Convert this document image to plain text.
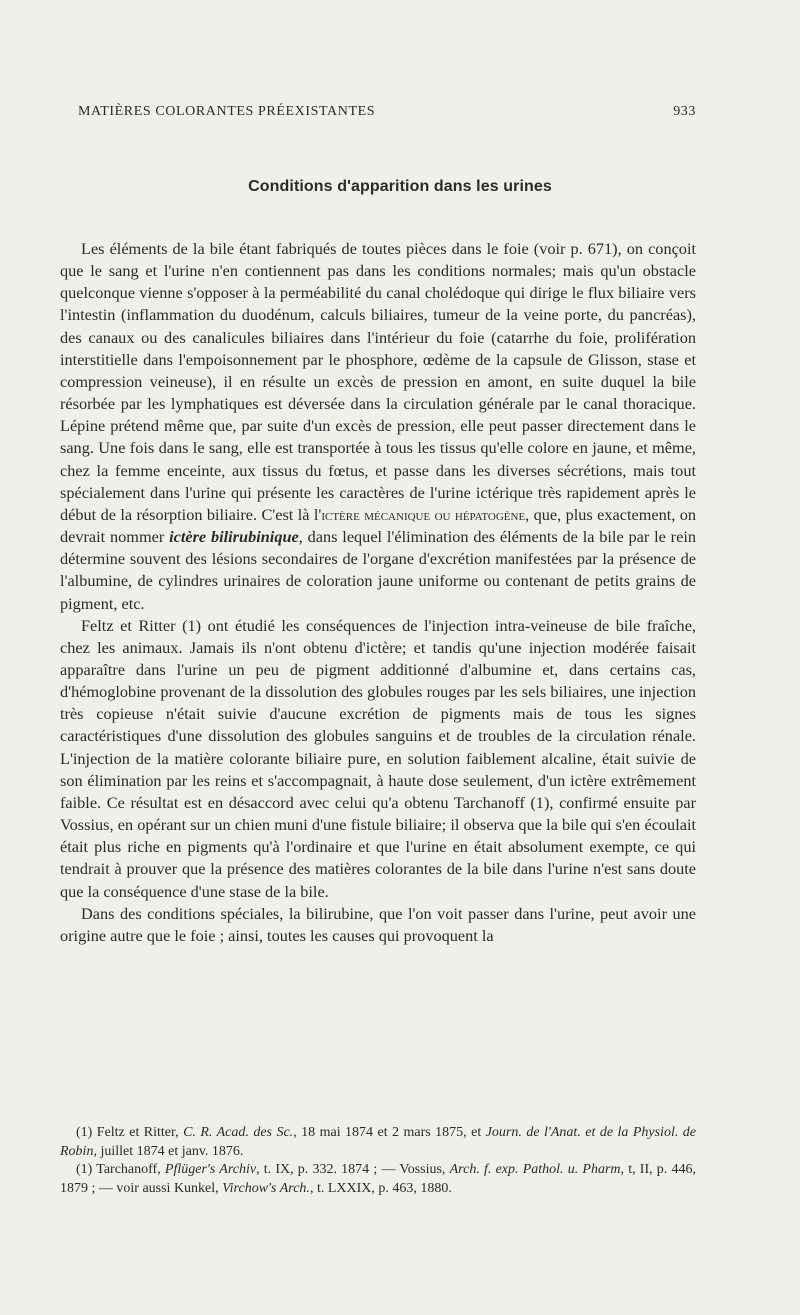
MATIÈRES COLORANTES PRÉEXISTANTES	933
Conditions d'apparition dans les urines

Les éléments de la bile étant fabriqués de toutes pièces dans le foie (voir p. 671), on conçoit que le sang et l'urine n'en contiennent pas dans les conditions normales; mais qu'un obstacle quelconque vienne s'opposer à la perméabilité du canal cholédoque qui dirige le flux biliaire vers l'intestin (inflammation du duodénum, calculs biliaires, tumeur de la veine porte, du pancréas), des canaux ou des canalicules biliaires dans l'intérieur du foie (catarrhe du foie, prolifération interstitielle dans l'empoisonnement par le phosphore, œdème de la capsule de Glisson, stase et compression veineuse), il en résulte un excès de pression en amont, en suite duquel la bile résorbée par les lymphatiques est déversée dans la circulation générale par le canal thoracique. Lépine prétend même que, par suite d'un excès de pression, elle peut passer directement dans le sang. Une fois dans le sang, elle est transportée à tous les tissus qu'elle colore en jaune, et même, chez la femme enceinte, aux tissus du fœtus, et passe dans les diverses sécrétions, mais tout spécialement dans l'urine qui présente les caractères de l'urine ictérique très rapidement après le début de la résorption biliaire. C'est là l'ictère mécanique ou hépatogène, que, plus exactement, on devrait nommer ictère bilirubinique, dans lequel l'élimination des éléments de la bile par le rein détermine souvent des lésions secondaires de l'organe d'excrétion manifestées par la présence de l'albumine, de cylindres urinaires de coloration jaune uniforme ou contenant de petits grains de pigment, etc.

Feltz et Ritter (1) ont étudié les conséquences de l'injection intra-veineuse de bile fraîche, chez les animaux. Jamais ils n'ont obtenu d'ictère; et tandis qu'une injection modérée faisait apparaître dans l'urine un peu de pigment additionné d'albumine et, dans certains cas, d'hémoglobine provenant de la dissolution des globules rouges par les sels biliaires, une injection très copieuse n'était suivie d'aucune excrétion de pigments mais de tous les signes caractéristiques d'une dissolution des globules sanguins et de troubles de la circulation rénale. L'injection de la matière colorante biliaire pure, en solution faiblement alcaline, était suivie de son élimination par les reins et s'accompagnait, à haute dose seulement, d'un ictère extrêmement faible. Ce résultat est en désaccord avec celui qu'a obtenu Tarchanoff (1), confirmé ensuite par Vossius, en opérant sur un chien muni d'une fistule biliaire; il observa que la bile qui s'en écoulait était plus riche en pigments qu'à l'ordinaire et que l'urine en était absolument exempte, ce qui tendrait à prouver que la présence des matières colorantes de la bile dans l'urine n'est sans doute que la conséquence d'une stase de la bile.

Dans des conditions spéciales, la bilirubine, que l'on voit passer dans l'urine, peut avoir une origine autre que le foie ; ainsi, toutes les causes qui provoquent la

(1) Feltz et Ritter, C. R. Acad. des Sc., 18 mai 1874 et 2 mars 1875, et Journ. de l'Anat. et de la Physiol. de Robin, juillet 1874 et janv. 1876.

(1) Tarchanoff, Pflüger's Archiv, t. IX, p. 332. 1874 ; — Vossius, Arch. f. exp. Pathol. u. Pharm, t, II, p. 446, 1879 ; — voir aussi Kunkel, Virchow's Arch., t. LXXIX, p. 463, 1880.
